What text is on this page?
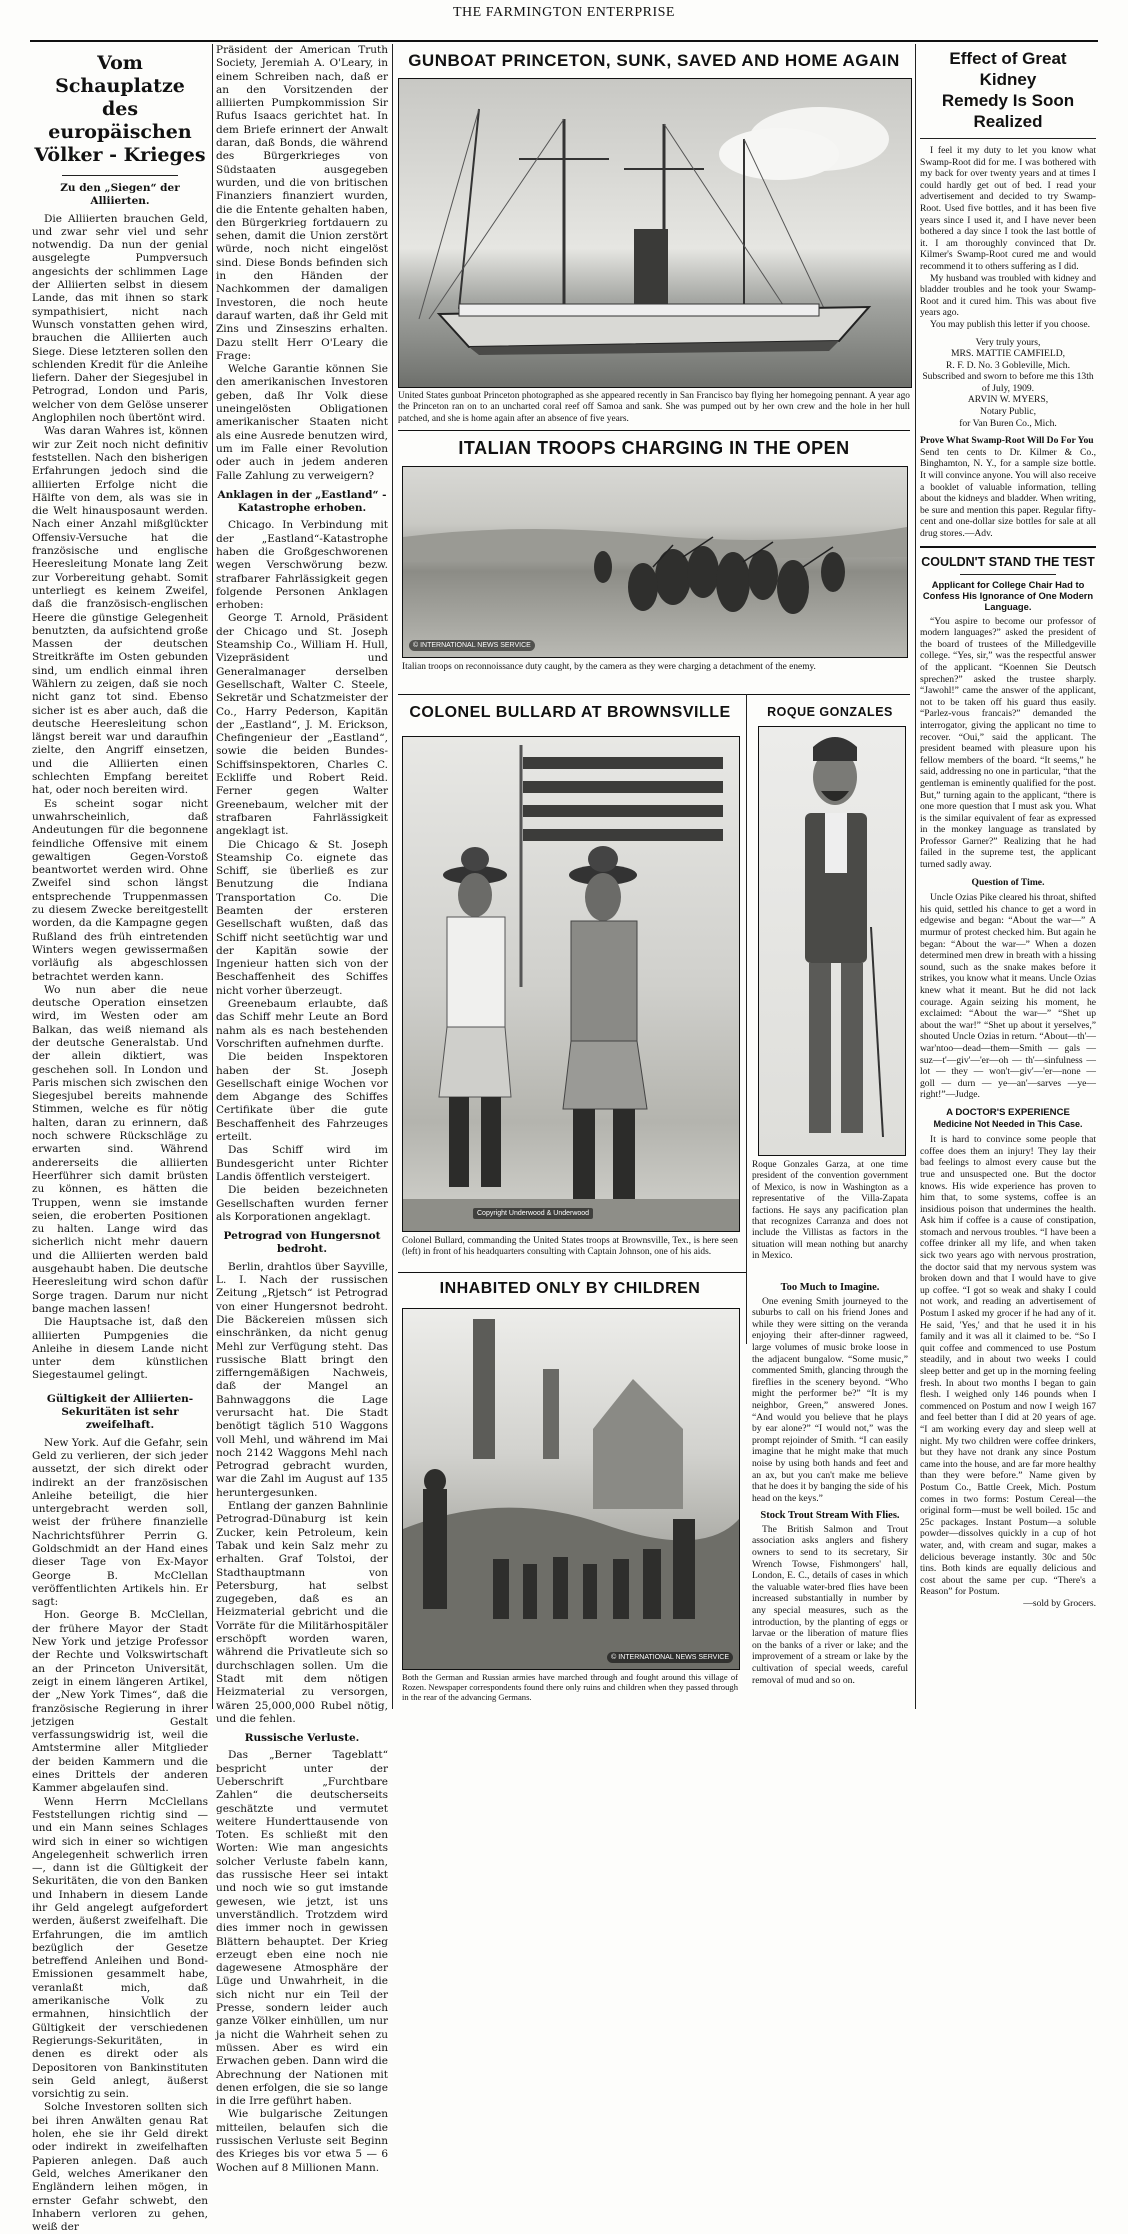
THE FARMINGTON ENTERPRISE
Vom Schauplatze
des europäischen
Völker - Krieges
Zu den „Siegen“ der Alliierten.

Die Alliierten brauchen Geld, und zwar sehr viel und sehr notwendig. Da nun der genial ausgelegte Pumpversuch angesichts der schlimmen Lage der Alliierten selbst in diesem Lande, das mit ihnen so stark sympathisiert, nicht nach Wunsch vonstatten gehen wird, brauchen die Alliierten auch Siege. Diese letzteren sollen den schlenden Kredit für die Anleihe liefern. Daher der Siegesjubel in Petrograd, London und Paris, welcher von dem Gelöse unserer Anglophilen noch übertönt wird.

Was daran Wahres ist, können wir zur Zeit noch nicht definitiv feststellen. Nach den bisherigen Erfahrungen jedoch sind die alliierten Erfolge nicht die Hälfte von dem, als was sie in die Welt hinausposaunt werden. Nach einer Anzahl mißglückter Offensiv-Versuche hat die französische und englische Heeresleitung Monate lang Zeit zur Vorbereitung gehabt. Somit unterliegt es keinem Zweifel, daß die französisch-englischen Heere die günstige Gelegenheit benutzten, da aufsichtend große Massen der deutschen Streitkräfte im Osten gebunden sind, um endlich einmal ihren Wählern zu zeigen, daß sie noch nicht ganz tot sind. Ebenso sicher ist es aber auch, daß die deutsche Heeresleitung schon längst bereit war und daraufhin zielte, den Angriff einsetzen, und die Alliierten einen schlechten Empfang bereitet hat, oder noch bereiten wird.

Es scheint sogar nicht unwahrscheinlich, daß Andeutungen für die begonnene feindliche Offensive mit einem gewaltigen Gegen-Vorstoß beantwortet werden wird. Ohne Zweifel sind schon längst entsprechende Truppenmassen zu diesem Zwecke bereitgestellt worden, da die Kampagne gegen Rußland des früh eintretenden Winters wegen gewissermaßen vorläufig als abgeschlossen betrachtet werden kann.

Wo nun aber die neue deutsche Operation einsetzen wird, im Westen oder am Balkan, das weiß niemand als der deutsche Generalstab. Und der allein diktiert, was geschehen soll. In London und Paris mischen sich zwischen den Siegesjubel bereits mahnende Stimmen, welche es für nötig halten, daran zu erinnern, daß noch schwere Rückschläge zu erwarten sind. Während andererseits die alliierten Heerführer sich damit brüsten zu können, es hätten die Truppen, wenn sie imstande seien, die eroberten Positionen zu halten. Lange wird das sicherlich nicht mehr dauern und die Alliierten werden bald ausgehaubt haben. Die deutsche Heeresleitung wird schon dafür Sorge tragen. Darum nur nicht bange machen lassen!

Die Hauptsache ist, daß den alliierten Pumpgenies die Anleihe in diesem Lande nicht unter dem künstlichen Siegestaumel gelingt.

Gültigkeit der Alliierten-Sekuritäten ist sehr zweifelhaft.

New York. Auf die Gefahr, sein Geld zu verlieren, der sich jeder aussetzt, der sich direkt oder indirekt an der französischen Anleihe beteiligt, die hier untergebracht werden soll, weist der frühere finanzielle Nachrichtsführer Perrin G. Goldschmidt an der Hand eines dieser Tage von Ex-Mayor George B. McClellan veröffentlichten Artikels hin. Er sagt:

Hon. George B. McClellan, der frühere Mayor der Stadt New York und jetzige Professor der Rechte und Volkswirtschaft an der Princeton Universität, zeigt in einem längeren Artikel, der „New York Times“, daß die französische Regierung in ihrer jetzigen Gestalt verfassungswidrig ist, weil die Amtstermine aller Mitglieder der beiden Kammern und die eines Drittels der anderen Kammer abgelaufen sind.

Wenn Herrn McClellans Feststellungen richtig sind — und ein Mann seines Schlages wird sich in einer so wichtigen Angelegenheit schwerlich irren —, dann ist die Gültigkeit der Sekuritäten, die von den Banken und Inhabern in diesem Lande ihr Geld angelegt aufgefordert werden, äußerst zweifelhaft. Die Erfahrungen, die im amtlich bezüglich der Gesetze betreffend Anleihen und Bond-Emissionen gesammelt habe, veranlaßt mich, daß amerikanische Volk zu ermahnen, hinsichtlich der Gültigkeit der verschiedenen Regierungs-Sekuritäten, in denen es direkt oder als Depositoren von Bankinstituten sein Geld anlegt, äußerst vorsichtig zu sein.

Solche Investoren sollten sich bei ihren Anwälten genau Rat holen, ehe sie ihr Geld direkt oder indirekt in zweifelhaften Papieren anlegen. Daß auch Geld, welches Amerikaner den Engländern leihen mögen, in ernster Gefahr schwebt, den Inhabern verloren zu gehen, weiß der

Präsident der American Truth Society, Jeremiah A. O'Leary, in einem Schreiben nach, daß er an den Vorsitzenden der alliierten Pumpkommission Sir Rufus Isaacs gerichtet hat. In dem Briefe erinnert der Anwalt daran, daß Bonds, die während des Bürgerkrieges von Südstaaten ausgegeben wurden, und die von britischen Finanziers finanziert wurden, die die Entente gehalten haben, den Bürgerkrieg fortdauern zu sehen, damit die Union zerstört würde, noch nicht eingelöst sind. Diese Bonds befinden sich in den Händen der Nachkommen der damaligen Investoren, die noch heute darauf warten, daß ihr Geld mit Zins und Zinseszins erhalten. Dazu stellt Herr O'Leary die Frage:

Welche Garantie können Sie den amerikanischen Investoren geben, daß Ihr Volk diese uneingelösten Obligationen amerikanischer Staaten nicht als eine Ausrede benutzen wird, um im Falle einer Revolution oder auch in jedem anderen Falle Zahlung zu verweigern?

Anklagen in der „Eastland“ - Katastrophe erhoben.

Chicago. In Verbindung mit der „Eastland“-Katastrophe haben die Großgeschworenen wegen Verschwörung bezw. strafbarer Fahrlässigkeit gegen folgende Personen Anklagen erhoben:

George T. Arnold, Präsident der Chicago und St. Joseph Steamship Co., William H. Hull, Vizepräsident und Generalmanager derselben Gesellschaft, Walter C. Steele, Sekretär und Schatzmeister der Co., Harry Pederson, Kapitän der „Eastland“, J. M. Erickson, Chefingenieur der „Eastland“, sowie die beiden Bundes-Schiffsinspektoren, Charles C. Eckliffe und Robert Reid. Ferner gegen Walter Greenebaum, welcher mit der strafbaren Fahrlässigkeit angeklagt ist.

Die Chicago & St. Joseph Steamship Co. eignete das Schiff, sie überließ es zur Benutzung die Indiana Transportation Co. Die Beamten der ersteren Gesellschaft wußten, daß das Schiff nicht seetüchtig war und der Kapitän sowie der Ingenieur hatten sich von der Beschaffenheit des Schiffes nicht vorher überzeugt.

Greenebaum erlaubte, daß das Schiff mehr Leute an Bord nahm als es nach bestehenden Vorschriften aufnehmen durfte.

Die beiden Inspektoren haben der St. Joseph Gesellschaft einige Wochen vor dem Abgange des Schiffes Certifikate über die gute Beschaffenheit des Fahrzeuges erteilt.

Das Schiff wird im Bundesgericht unter Richter Landis öffentlich versteigert.

Die beiden bezeichneten Gesellschaften wurden ferner als Korporationen angeklagt.

Petrograd von Hungersnot bedroht.

Berlin, drahtlos über Sayville, L. I. Nach der russischen Zeitung „Rjetsch“ ist Petrograd von einer Hungersnot bedroht. Die Bäckereien müssen sich einschränken, da nicht genug Mehl zur Verfügung steht. Das russische Blatt bringt den zifferngemäßigen Nachweis, daß der Mangel an Bahnwaggons die Lage verursacht hat. Die Stadt benötigt täglich 510 Waggons voll Mehl, und während im Mai noch 2142 Waggons Mehl nach Petrograd gebracht wurden, war die Zahl im August auf 135 heruntergesunken.

Entlang der ganzen Bahnlinie Petrograd-Dünaburg ist kein Zucker, kein Petroleum, kein Tabak und kein Salz mehr zu erhalten. Graf Tolstoi, der Stadthauptmann von Petersburg, hat selbst zugegeben, daß es an Heizmaterial gebricht und die Vorräte für die Militärhospitäler erschöpft worden waren, während die Privatleute sich so durchschlagen sollen. Um die Stadt mit dem nötigen Heizmaterial zu versorgen, wären 25,000,000 Rubel nötig, und die fehlen.

Russische Verluste.

Das „Berner Tageblatt“ bespricht unter der Ueberschrift „Furchtbare Zahlen“ die deutscherseits geschätzte und vermutet weitere Hunderttausende von Toten. Es schließt mit den Worten: Wie man angesichts solcher Verluste fabeln kann, das russische Heer sei intakt und noch wie so gut imstande gewesen, wie jetzt, ist uns unverständlich. Trotzdem wird dies immer noch in gewissen Blättern behauptet. Der Krieg erzeugt eben eine noch nie dagewesene Atmosphäre der Lüge und Unwahrheit, in die sich nicht nur ein Teil der Presse, sondern leider auch ganze Völker einhüllen, um nur ja nicht die Wahrheit sehen zu müssen. Aber es wird ein Erwachen geben. Dann wird die Abrechnung der Nationen mit denen erfolgen, die sie so lange in die Irre geführt haben.

Wie bulgarische Zeitungen mitteilen, belaufen sich die russischen Verluste seit Beginn des Krieges bis vor etwa 5 — 6 Wochen auf 8 Millionen Mann.

GUNBOAT PRINCETON, SUNK, SAVED AND HOME AGAIN
United States gunboat Princeton photographed as she appeared recently in San Francisco bay flying her homegoing pennant. A year ago the Princeton ran on to an uncharted coral reef off Samoa and sank. She was pumped out by her own crew and the hole in her hull patched, and she is home again after an absence of five years.
ITALIAN TROOPS CHARGING IN THE OPEN
© INTERNATIONAL NEWS SERVICE
Italian troops on reconnoissance duty caught, by the camera as they were charging a detachment of the enemy.
COLONEL BULLARD AT BROWNSVILLE
Copyright Underwood & Underwood
Colonel Bullard, commanding the United States troops at Brownsville, Tex., is here seen (left) in front of his headquarters consulting with Captain Johnson, one of his aids.
ROQUE GONZALES
Roque Gonzales Garza, at one time president of the convention government of Mexico, is now in Washington as a representative of the Villa-Zapata factions. He says any pacification plan that recognizes Carranza and does not include the Villistas as factors in the situation will mean nothing but anarchy in Mexico.
Too Much to Imagine.

One evening Smith journeyed to the suburbs to call on his friend Jones and while they were sitting on the veranda enjoying their after-dinner ragweed, large volumes of music broke loose in the adjacent bungalow. “Some music,” commented Smith, glancing through the fireflies in the scenery beyond. “Who might the performer be?” “It is my neighbor, Green,” answered Jones. “And would you believe that he plays by ear alone?” “I would not,” was the prompt rejoinder of Smith. “I can easily imagine that he might make that much noise by using both hands and feet and an ax, but you can't make me believe that he does it by banging the side of his head on the keys.”

Stock Trout Stream With Flies.

The British Salmon and Trout association asks anglers and fishery owners to send to its secretary, Sir Wrench Towse, Fishmongers' hall, London, E. C., details of cases in which the valuable water-bred flies have been increased substantially in number by any special measures, such as the introduction, by the planting of eggs or larvae or the liberation of mature flies on the banks of a river or lake; and the improvement of a stream or lake by the cultivation of special weeds, careful removal of mud and so on.

INHABITED ONLY BY CHILDREN
© INTERNATIONAL NEWS SERVICE
Both the German and Russian armies have marched through and fought around this village of Rozen. Newspaper correspondents found there only ruins and children when they passed through in the rear of the advancing Germans.
Effect of Great Kidney
Remedy Is Soon Realized

I feel it my duty to let you know what Swamp-Root did for me. I was bothered with my back for over twenty years and at times I could hardly get out of bed. I read your advertisement and decided to try Swamp-Root. Used five bottles, and it has been five years since I used it, and I have never been bothered a day since I took the last bottle of it. I am thoroughly convinced that Dr. Kilmer's Swamp-Root cured me and would recommend it to others suffering as I did.

My husband was troubled with kidney and bladder troubles and he took your Swamp-Root and it cured him. This was about five years ago.

You may publish this letter if you choose.

Very truly yours,
MRS. MATTIE CAMFIELD,
R. F. D. No. 3 Gobleville, Mich.
Subscribed and sworn to before me this 13th of July, 1909.
ARVIN W. MYERS,
Notary Public,
for Van Buren Co., Mich.
Prove What Swamp-Root Will Do For You

Send ten cents to Dr. Kilmer & Co., Binghamton, N. Y., for a sample size bottle. It will convince anyone. You will also receive a booklet of valuable information, telling about the kidneys and bladder. When writing, be sure and mention this paper. Regular fifty-cent and one-dollar size bottles for sale at all drug stores.—Adv.

COULDN'T STAND THE TEST
Applicant for College Chair Had to Confess His Ignorance of One Modern Language.

“You aspire to become our professor of modern languages?” asked the president of the board of trustees of the Milledgeville college. “Yes, sir,” was the respectful answer of the applicant. “Koennen Sie Deutsch sprechen?” asked the trustee sharply. “Jawohl!” came the answer of the applicant, not to be taken off his guard thus easily. “Parlez-vous francais?” demanded the interrogator, giving the applicant no time to recover. “Oui,” said the applicant. The president beamed with pleasure upon his fellow members of the board. “It seems,” he said, addressing no one in particular, “that the gentleman is eminently qualified for the post. But,” turning again to the applicant, “there is one more question that I must ask you. What is the similar equivalent of fear as expressed in the monkey language as translated by Professor Garner?” Realizing that he had failed in the supreme test, the applicant turned sadly away.

Question of Time.

Uncle Ozias Pike cleared his throat, shifted his quid, settled his chance to get a word in edgewise and began: “About the war—” A murmur of protest checked him. But again he began: “About the war—” When a dozen determined men drew in breath with a hissing sound, such as the snake makes before it strikes, you know what it means. Uncle Ozias knew what it meant. But he did not lack courage. Again seizing his moment, he exclaimed: “About the war—” “Shet up about the war!” “Shet up about it yerselves,” shouted Uncle Ozias in return. “About—th'—war'ntoo—dead—them—Smith — gals —suz—t'—giv'—'er—oh — th'—sinfulness — lot — they — won't—giv'—'er—none — goll — durn — ye—an'—sarves —ye—right!”—Judge.

A DOCTOR'S EXPERIENCE
Medicine Not Needed in This Case.

It is hard to convince some people that coffee does them an injury! They lay their bad feelings to almost every cause but the true and unsuspected one. But the doctor knows. His wide experience has proven to him that, to some systems, coffee is an insidious poison that undermines the health. Ask him if coffee is a cause of constipation, stomach and nervous troubles. “I have been a coffee drinker all my life, and when taken sick two years ago with nervous prostration, the doctor said that my nervous system was broken down and that I would have to give up coffee. “I got so weak and shaky I could not work, and reading an advertisement of Postum I asked my grocer if he had any of it. He said, 'Yes,' and that he used it in his family and it was all it claimed to be. “So I quit coffee and commenced to use Postum steadily, and in about two weeks I could sleep better and get up in the morning feeling fresh. In about two months I began to gain flesh. I weighed only 146 pounds when I commenced on Postum and now I weigh 167 and feel better than I did at 20 years of age. “I am working every day and sleep well at night. My two children were coffee drinkers, but they have not drank any since Postum came into the house, and are far more healthy than they were before.” Name given by Postum Co., Battle Creek, Mich. Postum comes in two forms: Postum Cereal—the original form—must be well boiled. 15c and 25c packages. Instant Postum—a soluble powder—dissolves quickly in a cup of hot water, and, with cream and sugar, makes a delicious beverage instantly. 30c and 50c tins. Both kinds are equally delicious and cost about the same per cup. “There's a Reason” for Postum.

—sold by Grocers.
